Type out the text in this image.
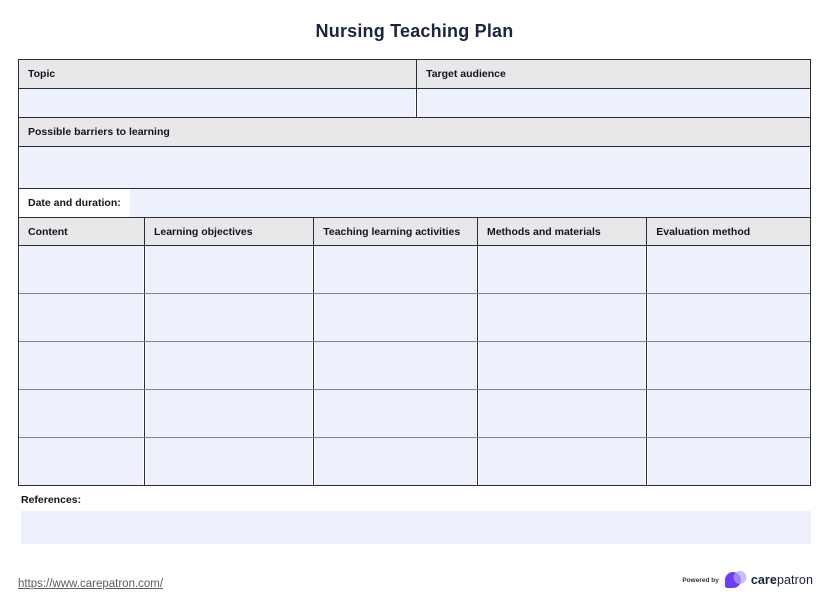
Nursing Teaching Plan
Topic	Target audience
Possible barriers to learning
Date and duration:
Content	Learning objectives	Teaching learning activities	Methods and materials	Evaluation method
References:
https://www.carepatron.com/	Powered by	carepatron
